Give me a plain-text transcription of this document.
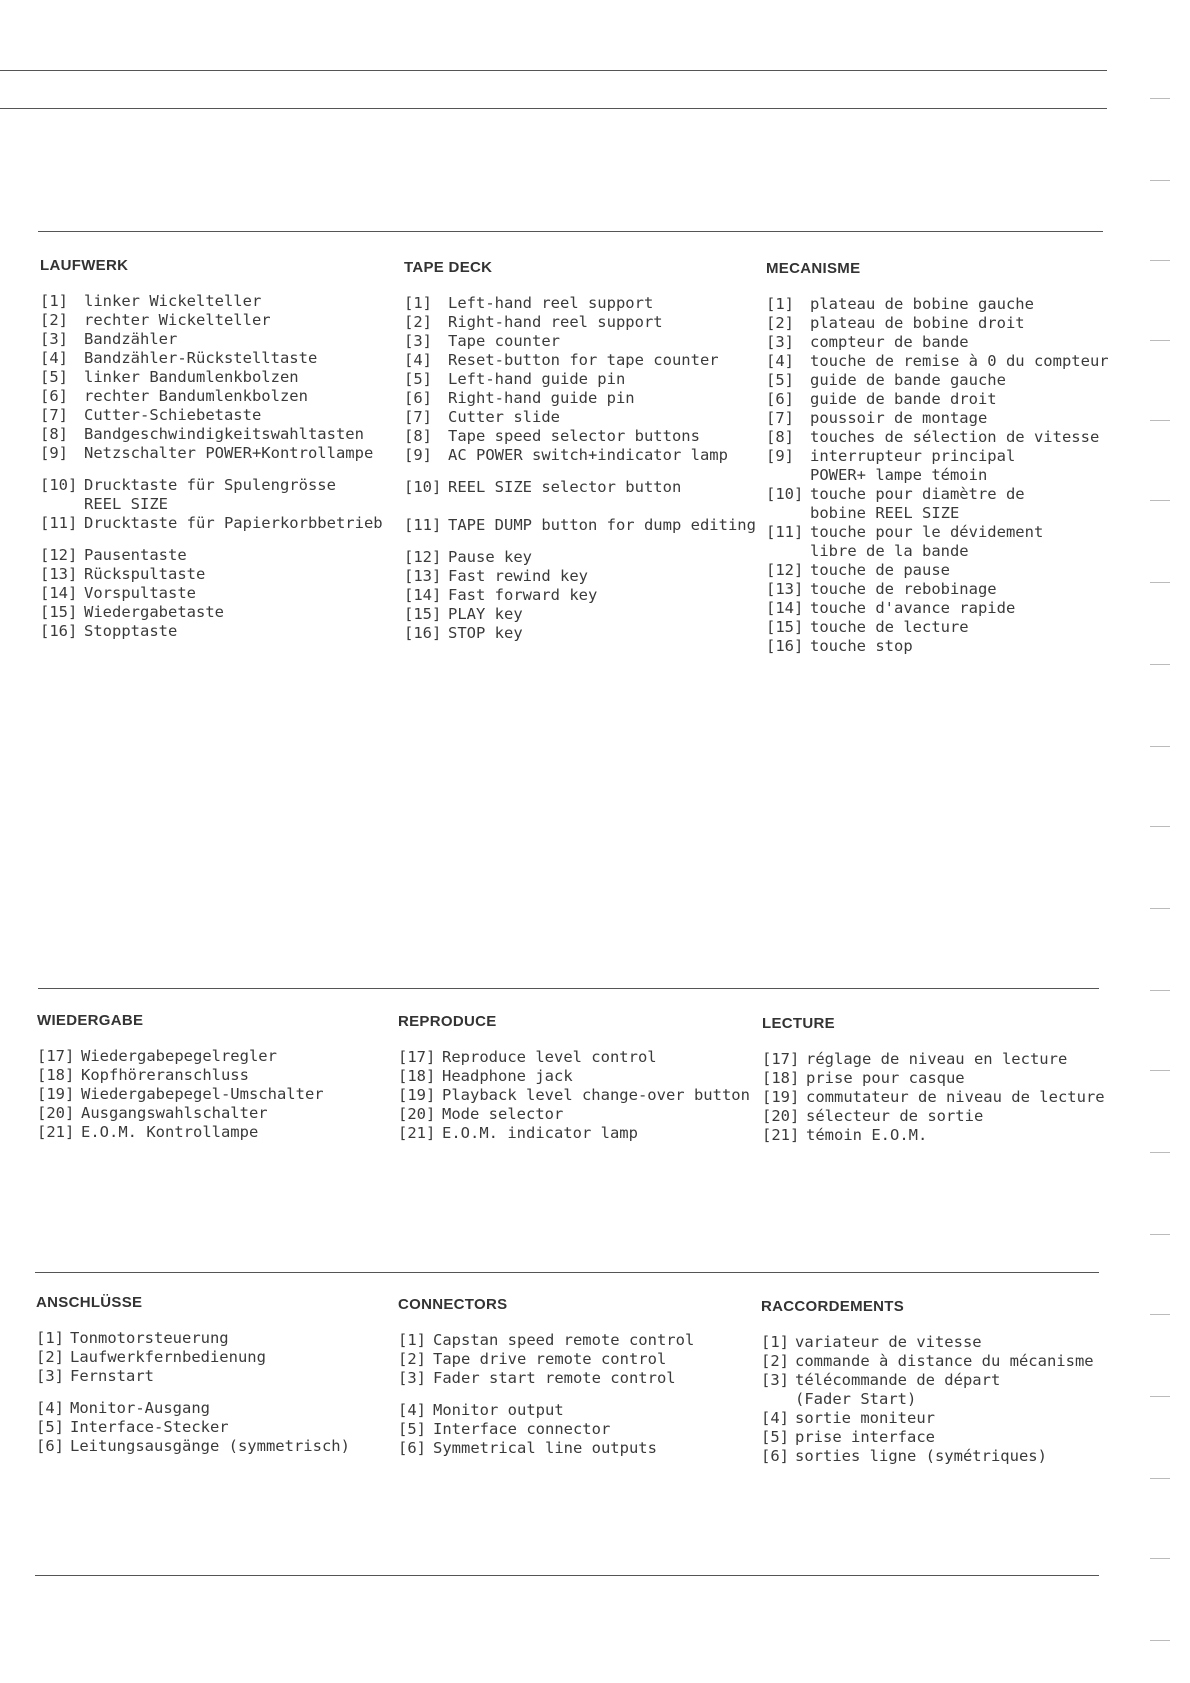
LAUFWERK
[1]	linker Wickelteller
[2]	rechter Wickelteller
[3]	Bandzähler
[4]	Bandzähler-Rückstelltaste
[5]	linker Bandumlenkbolzen
[6]	rechter Bandumlenkbolzen
[7]	Cutter-Schiebetaste
[8]	Bandgeschwindigkeitswahltasten
[9]	Netzschalter POWER+Kontrollampe
[10] Drucktaste für Spulengrösse REEL SIZE
[11] Drucktaste für Papierkorbbetrieb
[12] Pausentaste
[13] Rückspultaste
[14] Vorspultaste
[15] Wiedergabetaste
[16] Stopptaste
TAPE DECK
[1]	Left-hand reel support
[2]	Right-hand reel support
[3]	Tape counter
[4]	Reset-button for tape counter
[5]	Left-hand guide pin
[6]	Right-hand guide pin
[7]	Cutter slide
[8]	Tape speed selector buttons
[9]	AC POWER switch+indicator lamp
[10] REEL SIZE selector button
[11] TAPE DUMP button for dump editing
[12] Pause key
[13] Fast rewind key
[14] Fast forward key
[15] PLAY key
[16] STOP key
MECANISME
[1]	plateau de bobine gauche
[2]	plateau de bobine droit
[3]	compteur de bande
[4]	touche de remise à 0 du compteur
[5]	guide de bande gauche
[6]	guide de bande droit
[7]	poussoir de montage
[8]	touches de sélection de vitesse
[9]	interrupteur principal POWER+ lampe témoin
[10] touche pour diamètre de bobine REEL SIZE
[11] touche pour le dévidement libre de la bande
[12] touche de pause
[13] touche de rebobinage
[14] touche d'avance rapide
[15] touche de lecture
[16] touche stop
WIEDERGABE
[17] Wiedergabepegelregler
[18] Kopfhöreranschluss
[19] Wiedergabepegel-Umschalter
[20] Ausgangswahlschalter
[21] E.O.M. Kontrollampe
REPRODUCE
[17] Reproduce level control
[18] Headphone jack
[19] Playback level change-over button
[20] Mode selector
[21] E.O.M. indicator lamp
LECTURE
[17] réglage de niveau en lecture
[18] prise pour casque
[19] commutateur de niveau de lecture
[20] sélecteur de sortie
[21] témoin E.O.M.
ANSCHLÜSSE
[1] Tonmotorsteuerung
[2] Laufwerkfernbedienung
[3] Fernstart
[4] Monitor-Ausgang
[5] Interface-Stecker
[6] Leitungsausgänge (symmetrisch)
CONNECTORS
[1] Capstan speed remote control
[2] Tape drive remote control
[3] Fader start remote control
[4] Monitor output
[5] Interface connector
[6] Symmetrical line outputs
RACCORDEMENTS
[1] variateur de vitesse
[2] commande à distance du mécanisme
[3] télécommande de départ (Fader Start)
[4] sortie moniteur
[5] prise interface
[6] sorties ligne (symétriques)
